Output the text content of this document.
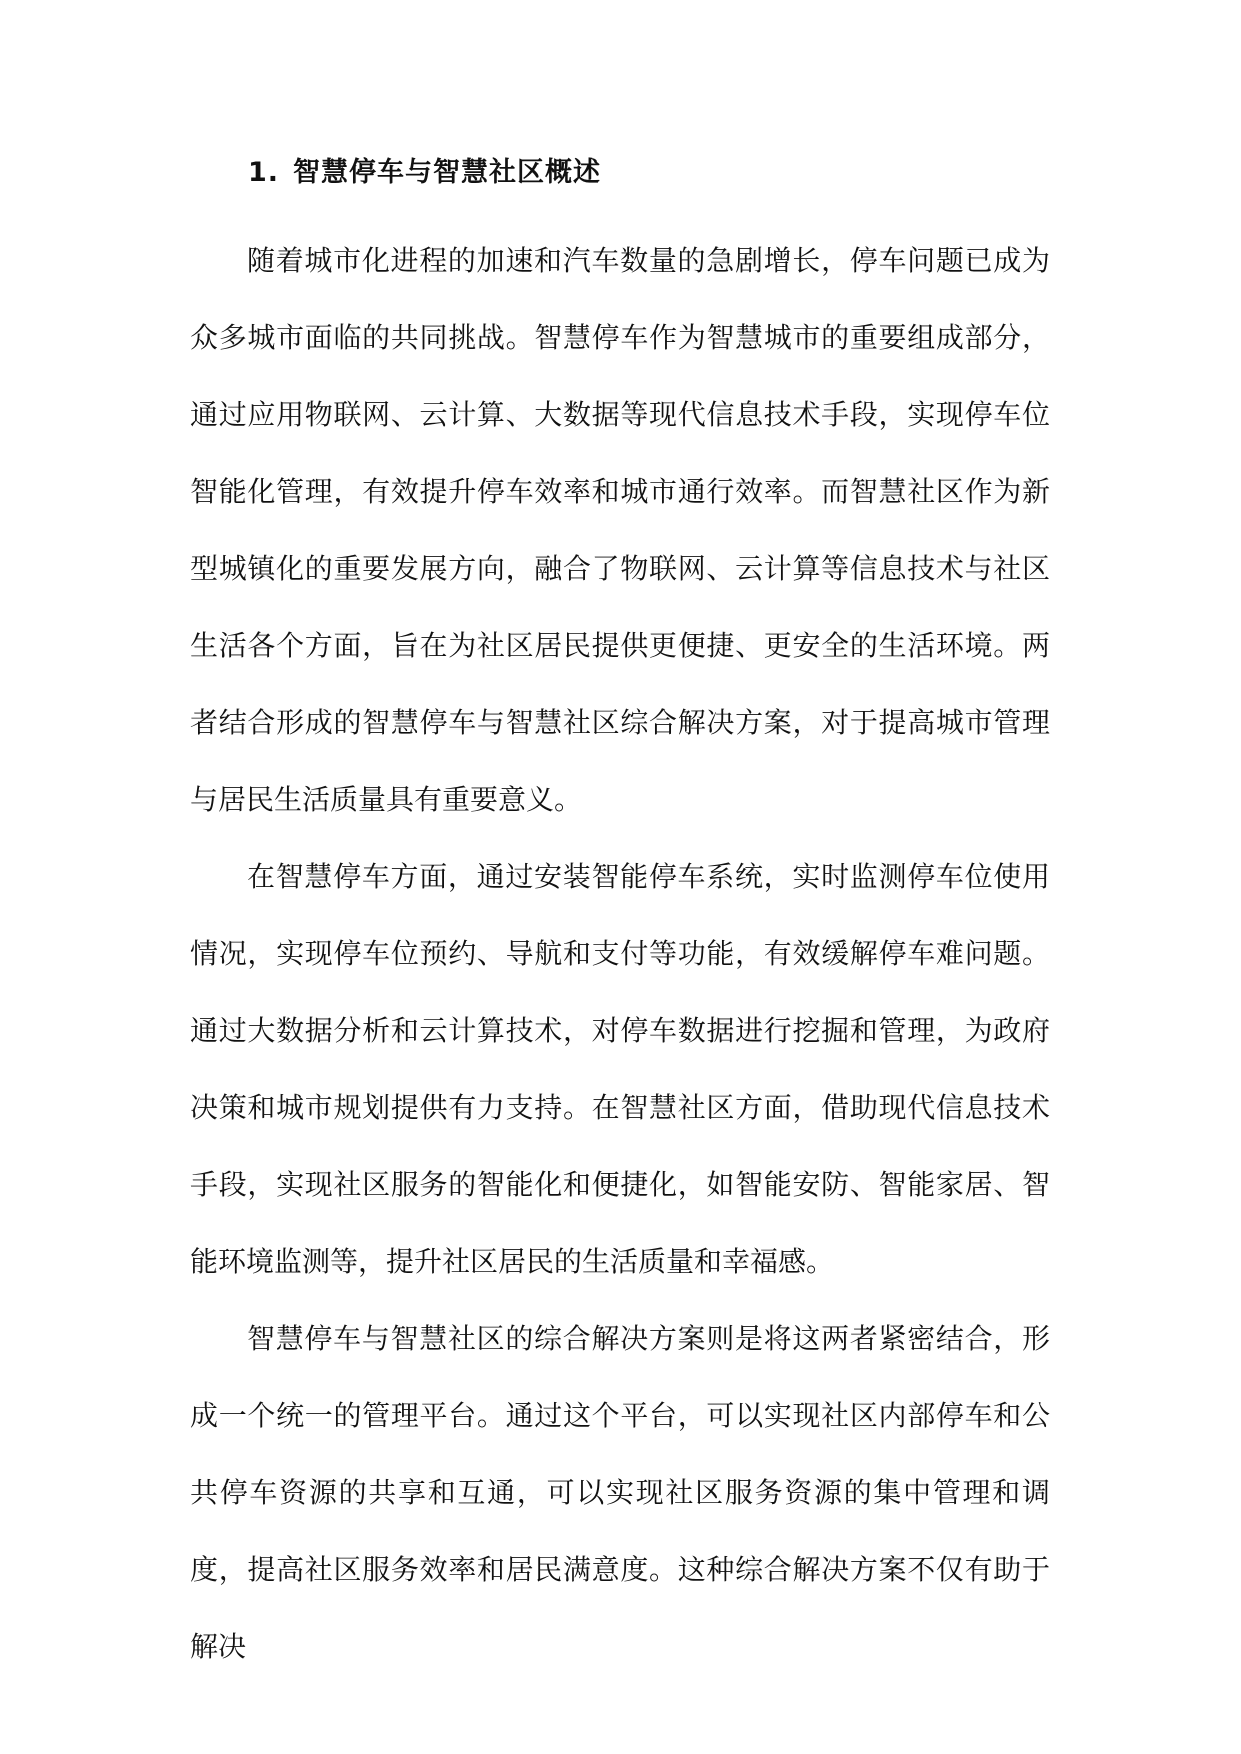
1. 智慧停车与智慧社区概述

随着城市化进程的加速和汽车数量的急剧增长，停车问题已成为众多城市面临的共同挑战。智慧停车作为智慧城市的重要组成部分，通过应用物联网、云计算、大数据等现代信息技术手段，实现停车位智能化管理，有效提升停车效率和城市通行效率。而智慧社区作为新型城镇化的重要发展方向，融合了物联网、云计算等信息技术与社区生活各个方面，旨在为社区居民提供更便捷、更安全的生活环境。两者结合形成的智慧停车与智慧社区综合解决方案，对于提高城市管理与居民生活质量具有重要意义。

在智慧停车方面，通过安装智能停车系统，实时监测停车位使用情况，实现停车位预约、导航和支付等功能，有效缓解停车难问题。通过大数据分析和云计算技术，对停车数据进行挖掘和管理，为政府决策和城市规划提供有力支持。在智慧社区方面，借助现代信息技术手段，实现社区服务的智能化和便捷化，如智能安防、智能家居、智能环境监测等，提升社区居民的生活质量和幸福感。

智慧停车与智慧社区的综合解决方案则是将这两者紧密结合，形成一个统一的管理平台。通过这个平台，可以实现社区内部停车和公共停车资源的共享和互通，可以实现社区服务资源的集中管理和调度，提高社区服务效率和居民满意度。这种综合解决方案不仅有助于解决
